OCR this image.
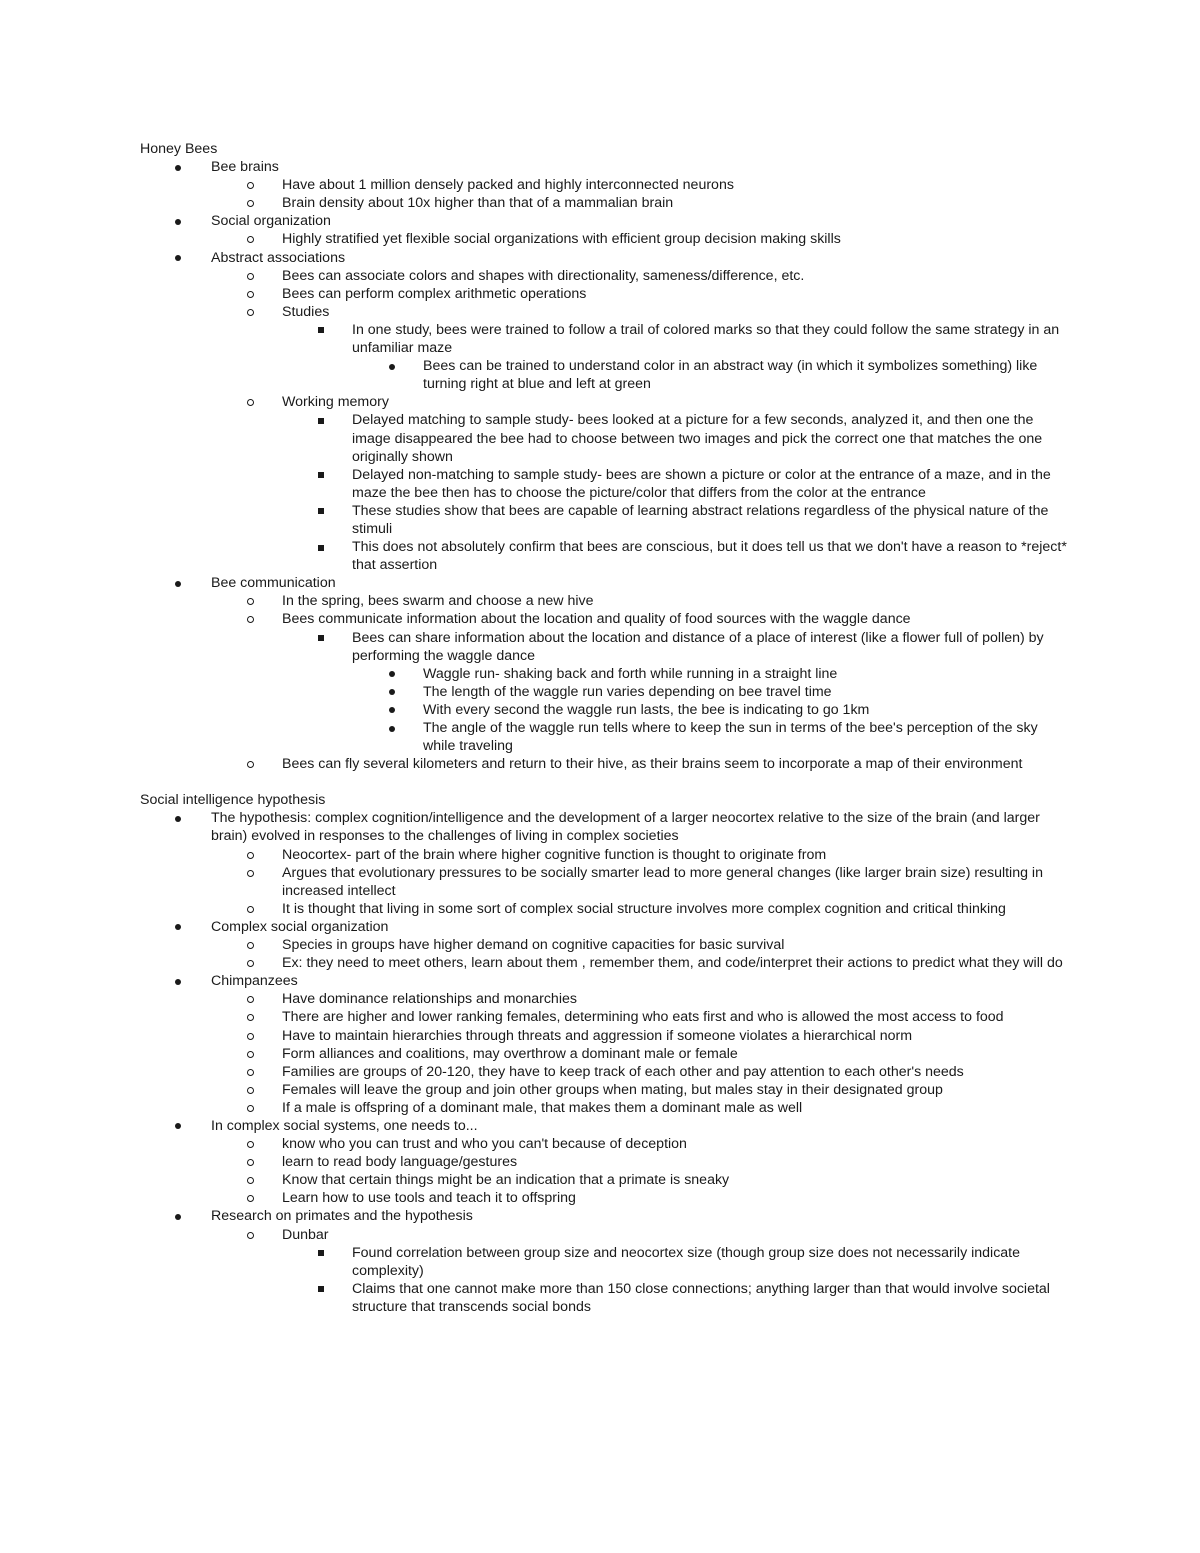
Honey Bees
Bee brains
Have about 1 million densely packed and highly interconnected neurons
Brain density about 10x higher than that of a mammalian brain
Social organization
Highly stratified yet flexible social organizations with efficient group decision making skills
Abstract associations
Bees can associate colors and shapes with directionality, sameness/difference, etc.
Bees can perform complex arithmetic operations
Studies
In one study, bees were trained to follow a trail of colored marks so that they could follow the same strategy in an unfamiliar maze
Bees can be trained to understand color in an abstract way (in which it symbolizes something) like turning right at blue and left at green
Working memory
Delayed matching to sample study- bees looked at a picture for a few seconds, analyzed it, and then one the image disappeared the bee had to choose between two images and pick the correct one that matches the one originally shown
Delayed non-matching to sample study- bees are shown a picture or color at the entrance of a maze, and in the maze the bee then has to choose the picture/color that differs from the color at the entrance
These studies show that bees are capable of learning abstract relations regardless of the physical nature of the stimuli
This does not absolutely confirm that bees are conscious, but it does tell us that we don't have a reason to *reject* that assertion
Bee communication
In the spring, bees swarm and choose a new hive
Bees communicate information about the location and quality of food sources with the waggle dance
Bees can share information about the location and distance of a place of interest (like a flower full of pollen) by performing the waggle dance
Waggle run- shaking back and forth while running in a straight line
The length of the waggle run varies depending on bee travel time
With every second the waggle run lasts, the bee is indicating to go 1km
The angle of the waggle run tells where to keep the sun in terms of the bee's perception of the sky while traveling
Bees can fly several kilometers and return to their hive, as their brains seem to incorporate a map of their environment
Social intelligence hypothesis
The hypothesis: complex cognition/intelligence and the development of a larger neocortex relative to the size of the brain (and larger brain) evolved in responses to the challenges of living in complex societies
Neocortex- part of the brain where higher cognitive function is thought to originate from
Argues that evolutionary pressures to be socially smarter lead to more general changes (like larger brain size) resulting in increased intellect
It is thought that living in some sort of complex social structure involves more complex cognition and critical thinking
Complex social organization
Species in groups have higher demand on cognitive capacities for basic survival
Ex: they need to meet others, learn about them , remember them, and code/interpret their actions to predict what they will do
Chimpanzees
Have dominance relationships and monarchies
There are higher and lower ranking females, determining who eats first and who is allowed the most access to food
Have to maintain hierarchies through threats and aggression if someone violates a hierarchical norm
Form alliances and coalitions, may overthrow a dominant male or female
Families are groups of 20-120, they have to keep track of each other and pay attention to each other's needs
Females will leave the group and join other groups when mating, but males stay in their designated group
If a male is offspring of a dominant male, that makes them a dominant male as well
In complex social systems, one needs to...
know who you can trust and who you can't because of deception
learn to read body language/gestures
Know that certain things might be an indication that a primate is sneaky
Learn how to use tools and teach it to offspring
Research on primates and the hypothesis
Dunbar
Found correlation between group size and neocortex size (though group size does not necessarily indicate complexity)
Claims that one cannot make more than 150 close connections; anything larger than that would involve societal structure that transcends social bonds
